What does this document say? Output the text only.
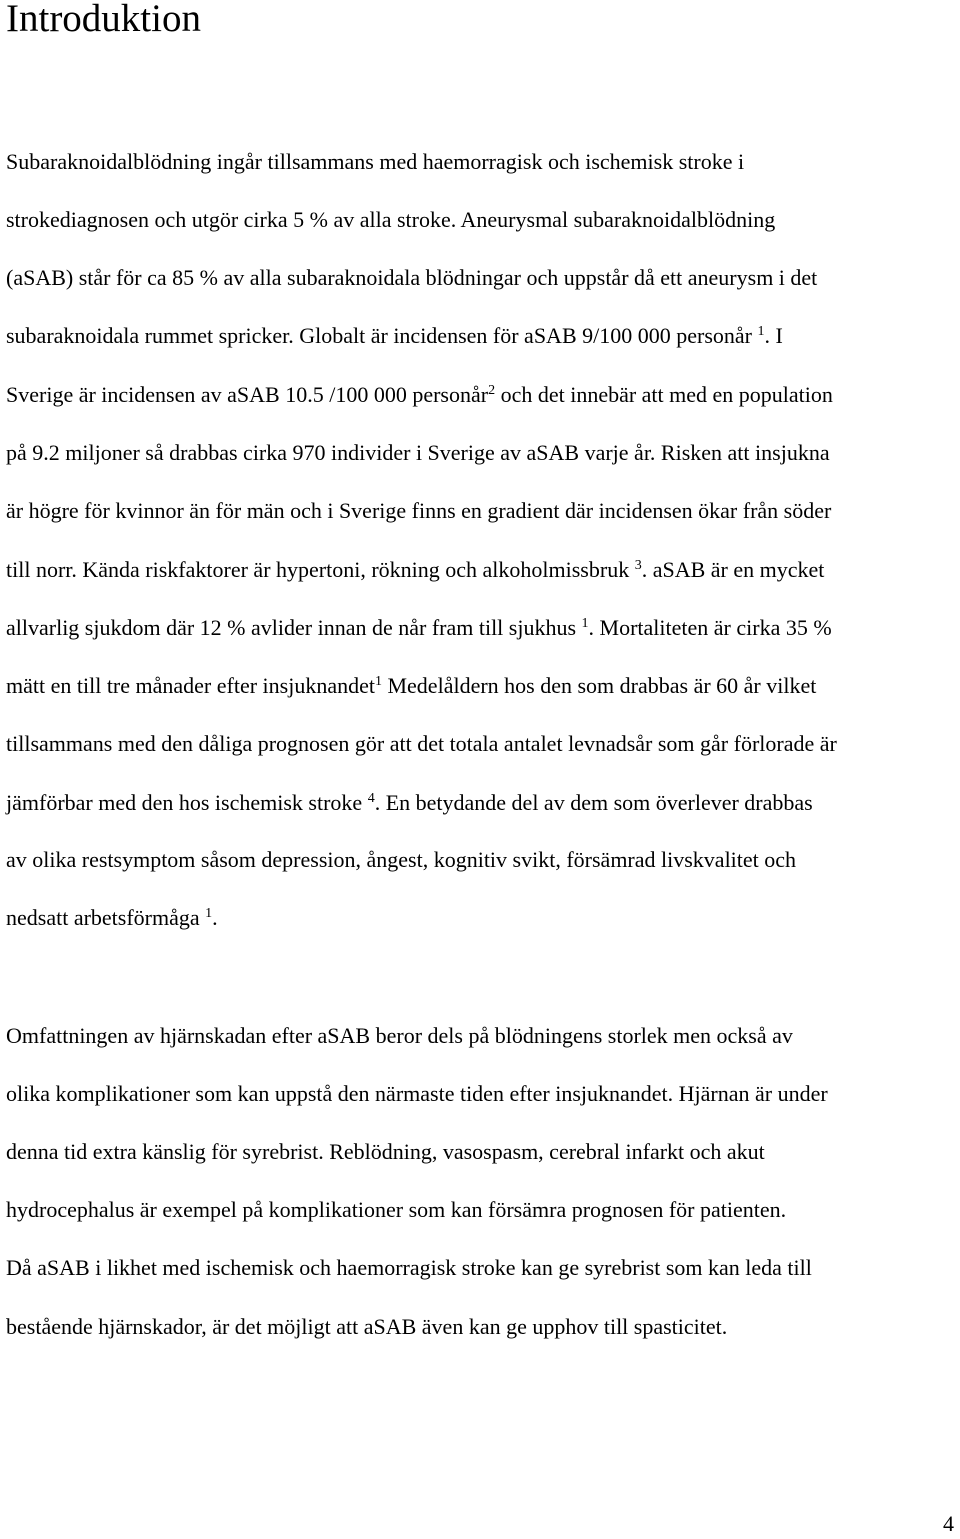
Introduktion

Subaraknoidalblödning ingår tillsammans med haemorragisk och ischemisk stroke i

strokediagnosen och utgör cirka 5 % av alla stroke. Aneurysmal subaraknoidalblödning

(aSAB) står för ca 85 % av alla subaraknoidala blödningar och uppstår då ett aneurysm i det

subaraknoidala rummet spricker. Globalt är incidensen för aSAB 9/100 000 personår $^1$. I

Sverige är incidensen av aSAB 10.5 /100 000 personår$^2$ och det innebär att med en population

på 9.2 miljoner så drabbas cirka 970 individer i Sverige av aSAB varje år. Risken att insjukna

är högre för kvinnor än för män och i Sverige finns en gradient där incidensen ökar från söder

till norr. Kända riskfaktorer är hypertoni, rökning och alkoholmissbruk $^3$. aSAB är en mycket

allvarlig sjukdom där 12 % avlider innan de når fram till sjukhus $^1$. Mortaliteten är cirka 35 %

mätt en till tre månader efter insjuknandet$^1$ Medelåldern hos den som drabbas är 60 år vilket

tillsammans med den dåliga prognosen gör att det totala antalet levnadsår som går förlorade är

jämförbar med den hos ischemisk stroke $^4$. En betydande del av dem som överlever drabbas

av olika restsymptom såsom depression, ångest, kognitiv svikt, försämrad livskvalitet och

nedsatt arbetsförmåga $^1$.

Omfattningen av hjärnskadan efter aSAB beror dels på blödningens storlek men också av

olika komplikationer som kan uppstå den närmaste tiden efter insjuknandet. Hjärnan är under

denna tid extra känslig för syrebrist. Reblödning, vasospasm, cerebral infarkt och akut

hydrocephalus är exempel på komplikationer som kan försämra prognosen för patienten.

Då aSAB i likhet med ischemisk och haemorragisk stroke kan ge syrebrist som kan leda till

bestående hjärnskador, är det möjligt att aSAB även kan ge upphov till spasticitet.

4
